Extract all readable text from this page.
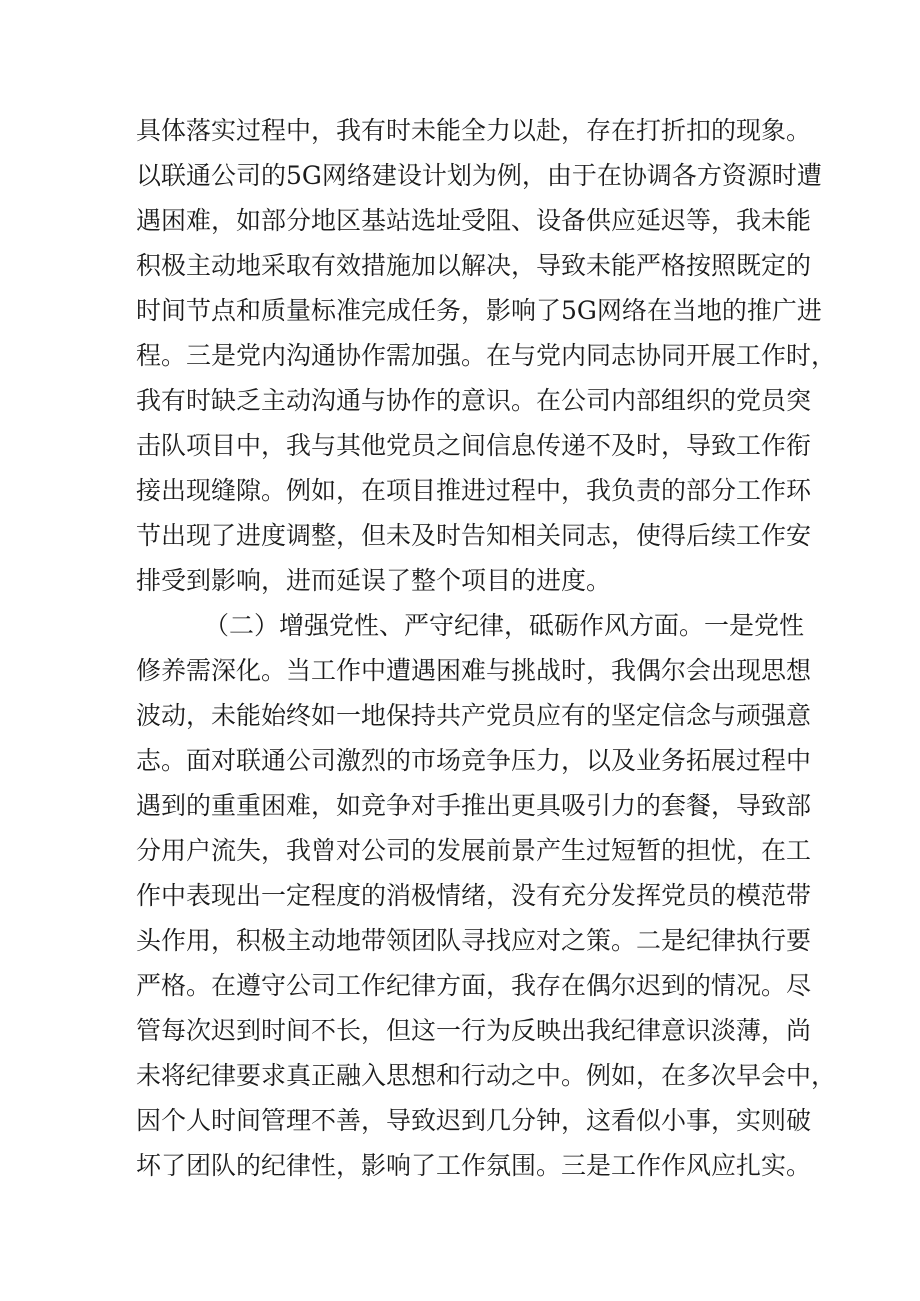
具体落实过程中，我有时未能全力以赴，存在打折扣的现象。
以联通公司的5G网络建设计划为例，由于在协调各方资源时遭
遇困难，如部分地区基站选址受阻、设备供应延迟等，我未能
积极主动地采取有效措施加以解决，导致未能严格按照既定的
时间节点和质量标准完成任务，影响了5G网络在当地的推广进
程。三是党内沟通协作需加强。在与党内同志协同开展工作时，
我有时缺乏主动沟通与协作的意识。在公司内部组织的党员突
击队项目中，我与其他党员之间信息传递不及时，导致工作衔
接出现缝隙。例如，在项目推进过程中，我负责的部分工作环
节出现了进度调整，但未及时告知相关同志，使得后续工作安
排受到影响，进而延误了整个项目的进度。
（二）增强党性、严守纪律，砥砺作风方面。一是党性
修养需深化。当工作中遭遇困难与挑战时，我偶尔会出现思想
波动，未能始终如一地保持共产党员应有的坚定信念与顽强意
志。面对联通公司激烈的市场竞争压力，以及业务拓展过程中
遇到的重重困难，如竞争对手推出更具吸引力的套餐，导致部
分用户流失，我曾对公司的发展前景产生过短暂的担忧，在工
作中表现出一定程度的消极情绪，没有充分发挥党员的模范带
头作用，积极主动地带领团队寻找应对之策。二是纪律执行要
严格。在遵守公司工作纪律方面，我存在偶尔迟到的情况。尽
管每次迟到时间不长，但这一行为反映出我纪律意识淡薄，尚
未将纪律要求真正融入思想和行动之中。例如，在多次早会中，
因个人时间管理不善，导致迟到几分钟，这看似小事，实则破
坏了团队的纪律性，影响了工作氛围。三是工作作风应扎实。
